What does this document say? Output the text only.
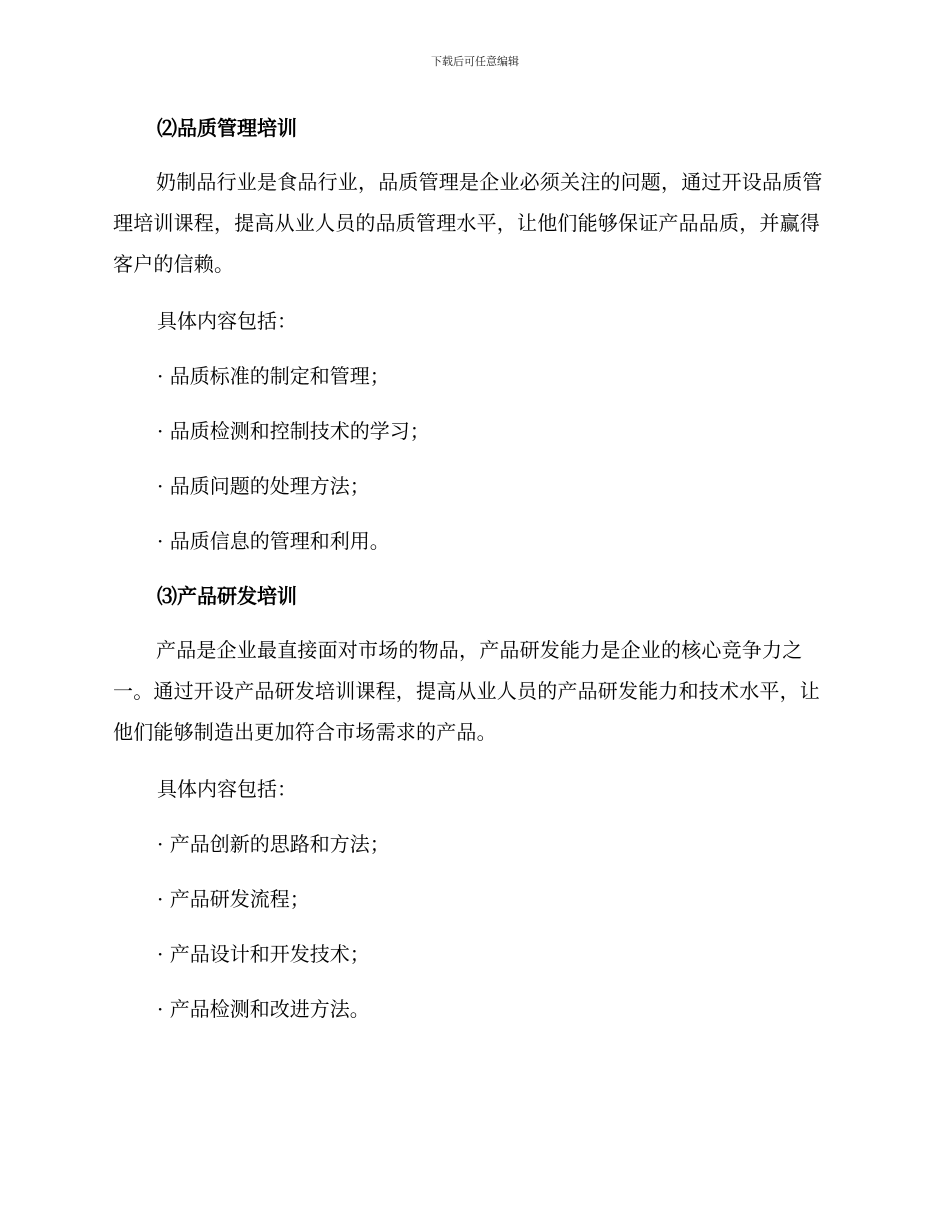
下载后可任意编辑
⑵品质管理培训
奶制品行业是食品行业，品质管理是企业必须关注的问题，通过开设品质管理培训课程，提高从业人员的品质管理水平，让他们能够保证产品品质，并赢得客户的信赖。
具体内容包括：
· 品质标准的制定和管理；
· 品质检测和控制技术的学习；
· 品质问题的处理方法；
· 品质信息的管理和利用。
⑶产品研发培训
产品是企业最直接面对市场的物品，产品研发能力是企业的核心竞争力之一。通过开设产品研发培训课程，提高从业人员的产品研发能力和技术水平，让他们能够制造出更加符合市场需求的产品。
具体内容包括：
· 产品创新的思路和方法；
· 产品研发流程；
· 产品设计和开发技术；
· 产品检测和改进方法。
